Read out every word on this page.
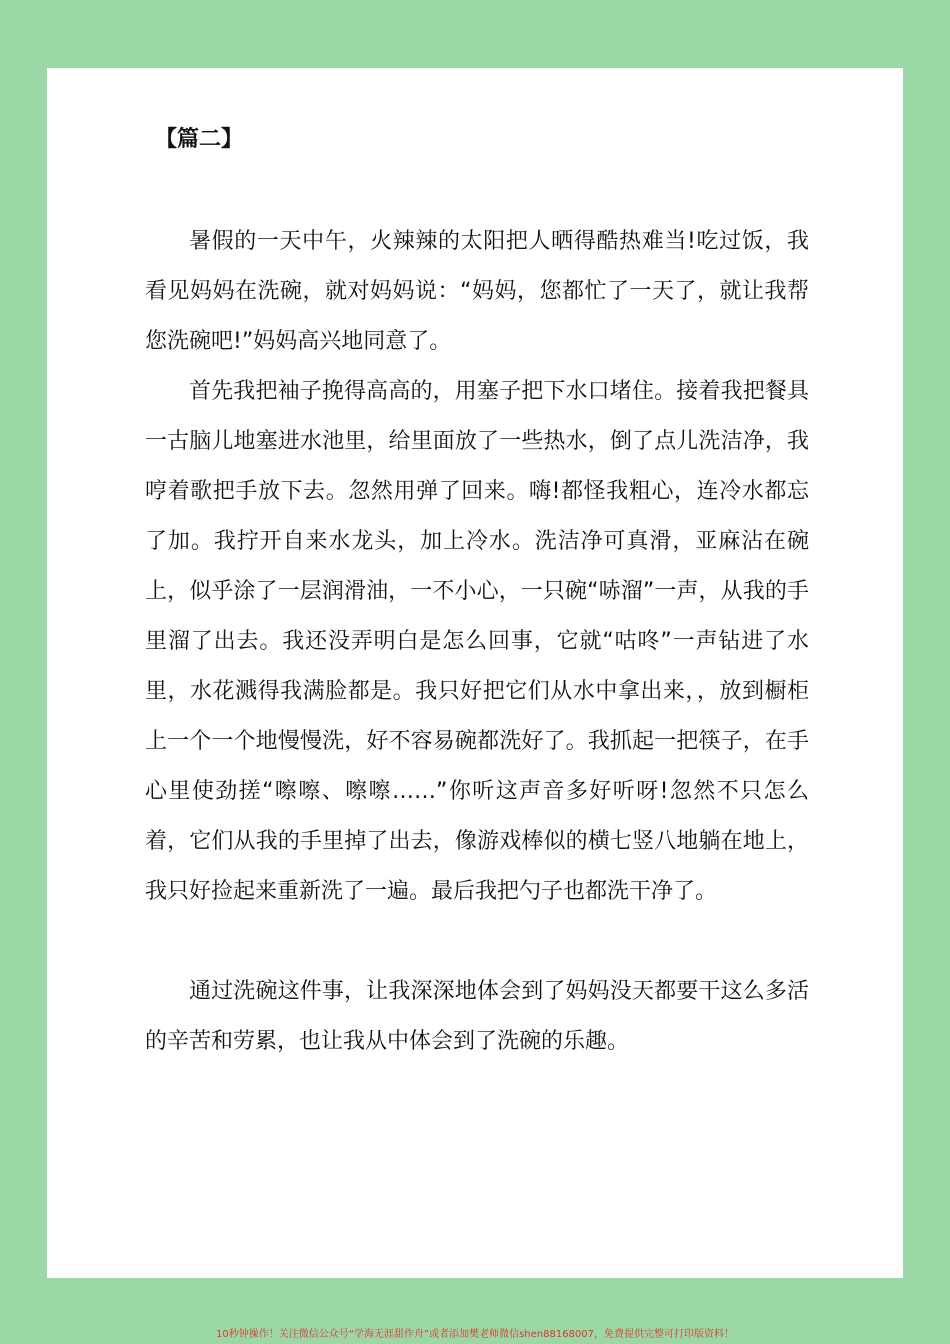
【篇二】

暑假的一天中午，火辣辣的太阳把人晒得酷热难当!吃过饭，我看见妈妈在洗碗，就对妈妈说：“妈妈，您都忙了一天了，就让我帮您洗碗吧!”妈妈高兴地同意了。

首先我把袖子挽得高高的，用塞子把下水口堵住。接着我把餐具一古脑儿地塞进水池里，给里面放了一些热水，倒了点儿洗洁净，我哼着歌把手放下去。忽然用弹了回来。嗨!都怪我粗心，连冷水都忘了加。我拧开自来水龙头，加上冷水。洗洁净可真滑，亚麻沾在碗上，似乎涂了一层润滑油，一不小心，一只碗“哧溜”一声，从我的手里溜了出去。我还没弄明白是怎么回事，它就“咕咚”一声钻进了水里，水花溅得我满脸都是。我只好把它们从水中拿出来，，放到橱柜上一个一个地慢慢洗，好不容易碗都洗好了。我抓起一把筷子，在手心里使劲搓“嚓嚓、嚓嚓……”你听这声音多好听呀!忽然不只怎么着，它们从我的手里掉了出去，像游戏棒似的横七竖八地躺在地上，我只好捡起来重新洗了一遍。最后我把勺子也都洗干净了。

通过洗碗这件事，让我深深地体会到了妈妈没天都要干这么多活的辛苦和劳累，也让我从中体会到了洗碗的乐趣。

10秒钟操作！关注微信公众号“学海无涯甜作舟”或者添加樊老师微信shen88168007，免费提供完整可打印版资料！
